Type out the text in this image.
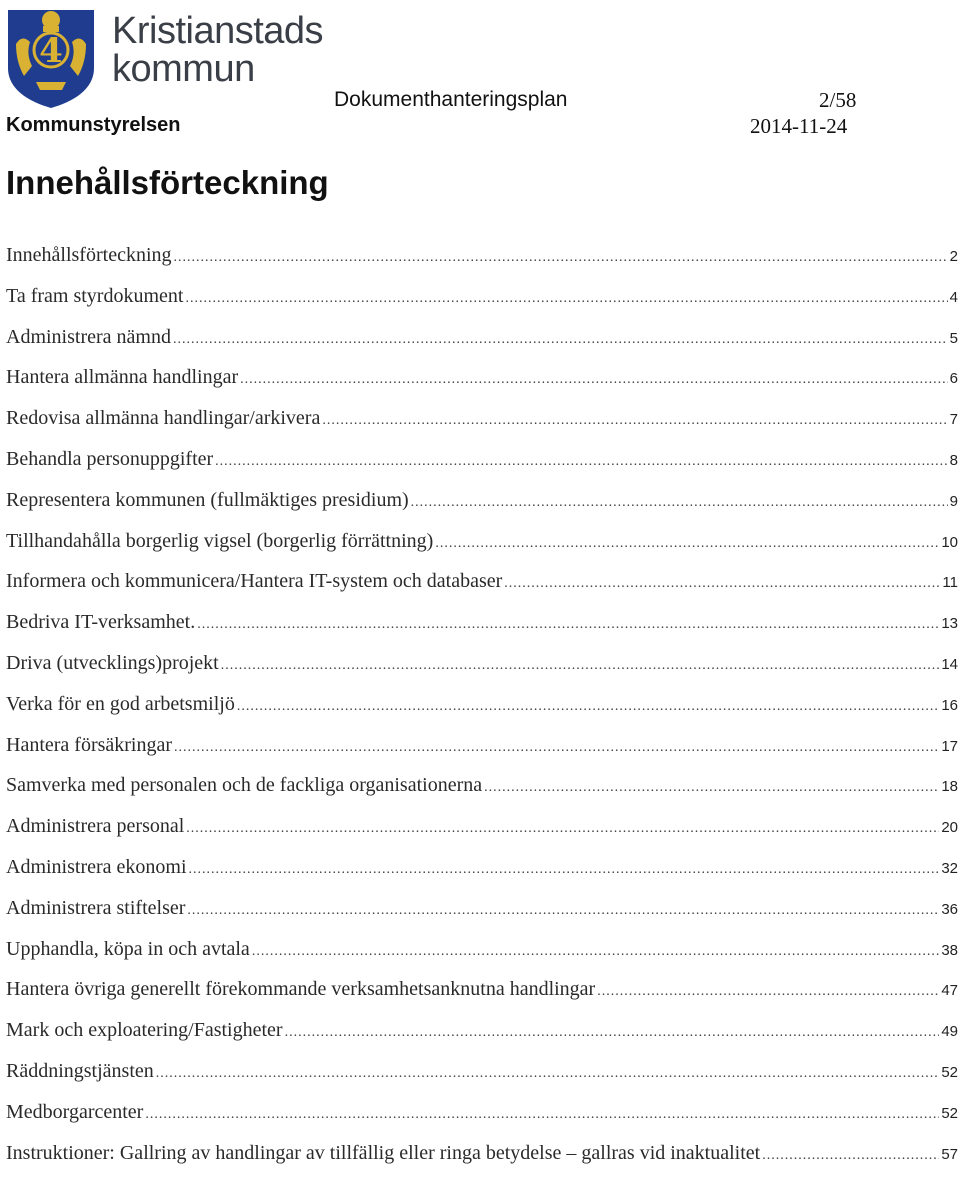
4 Kristianstads
kommun
Dokumenthanteringsplan	2/58
Kommunstyrelsen	2014-11-24
Innehållsförteckning
Innehållsförteckning .....	2
Ta fram styrdokument .....	4
Administrera nämnd .....	5
Hantera allmänna handlingar .....	6
Redovisa allmänna handlingar/arkivera .....	7
Behandla personuppgifter .....	8
Representera kommunen (fullmäktiges presidium) .....	9
Tillhandahålla borgerlig vigsel (borgerlig förrättning) .....	10
Informera och kommunicera/Hantera IT-system och databaser .....	11
Bedriva IT-verksamhet. .....	13
Driva (utvecklings)projekt .....	14
Verka för en god arbetsmiljö .....	16
Hantera försäkringar .....	17
Samverka med personalen och de fackliga organisationerna .....	18
Administrera personal .....	20
Administrera ekonomi .....	32
Administrera stiftelser .....	36
Upphandla, köpa in och avtala .....	38
Hantera övriga generellt förekommande verksamhetsanknutna handlingar .....	47
Mark och exploatering/Fastigheter .....	49
Räddningstjänsten .....	52
Medborgarcenter .....	52
Instruktioner: Gallring av handlingar av tillfällig eller ringa betydelse – gallras vid inaktualitet .....	57
